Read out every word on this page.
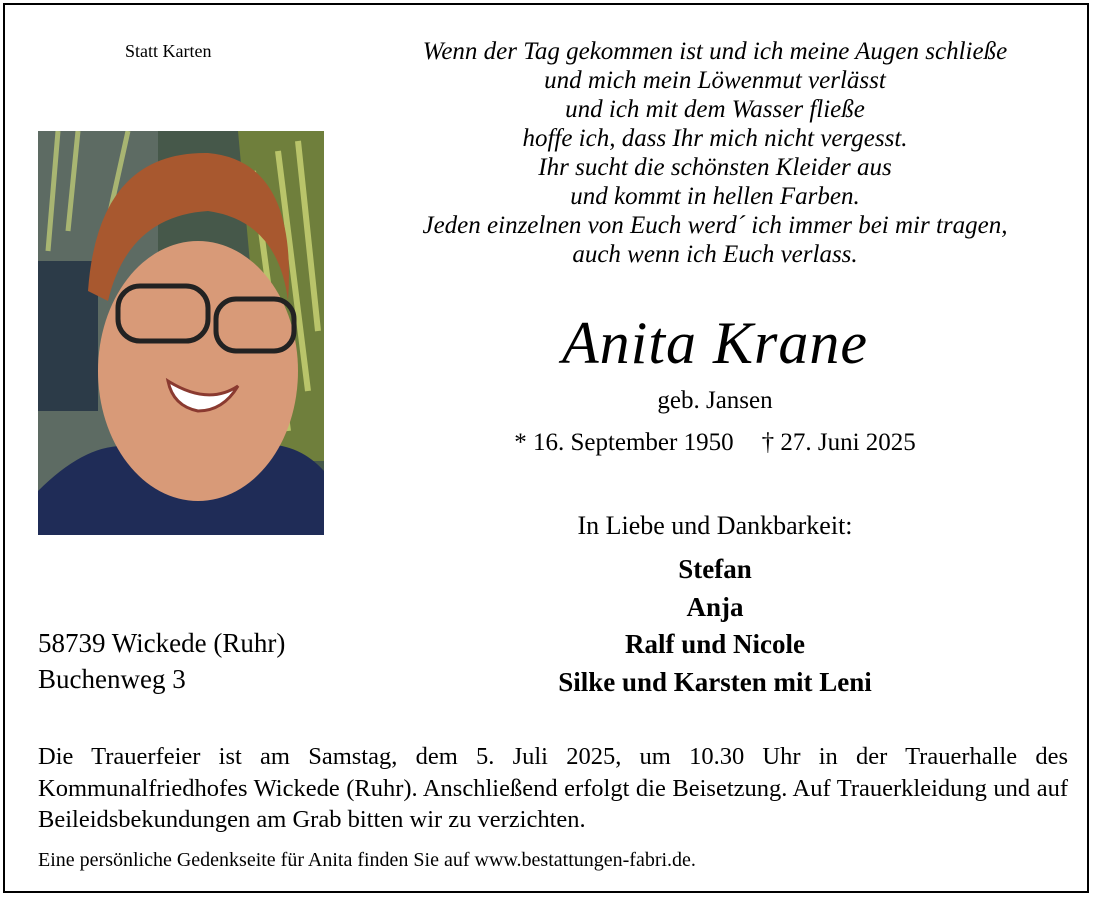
Statt Karten	Wenn der Tag gekommen ist und ich meine Augen schließe
und mich mein Löwenmut verlässt
und ich mit dem Wasser fließe
hoffe ich, dass Ihr mich nicht vergesst.
Ihr sucht die schönsten Kleider aus
und kommt in hellen Farben.
Jeden einzelnen von Euch werd´ ich immer bei mir tragen,
auch wenn ich Euch verlass.
Anita Krane
geb. Jansen
* 16. September 1950 † 27. Juni 2025
In Liebe und Dankbarkeit:
Stefan
Anja
Ralf und Nicole
Silke und Karsten mit Leni
58739 Wickede (Ruhr)
Buchenweg 3
Die Trauerfeier ist am Samstag, dem 5. Juli 2025, um 10.30 Uhr in der Trauerhalle des Kommunalfriedhofes Wickede (Ruhr). Anschließend erfolgt die Beisetzung. Auf Trauerkleidung und auf Beileidsbekundungen am Grab bitten wir zu verzichten.
Eine persönliche Gedenkseite für Anita finden Sie auf www.bestattungen-fabri.de.
